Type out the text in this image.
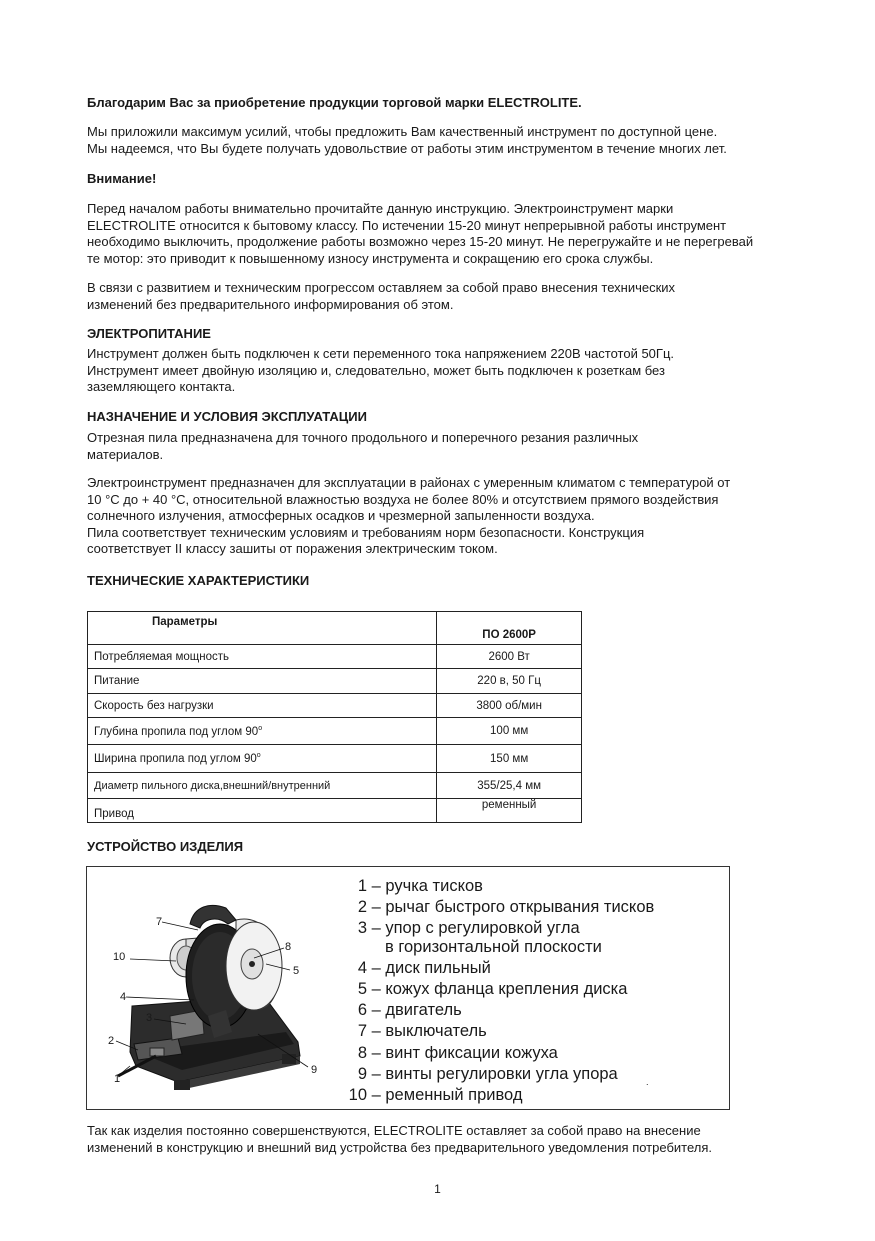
Благодарим Вас за приобретение продукции торговой марки ELECTROLITE.

Мы приложили максимум усилий, чтобы предложить Вам качественный инструмент по доступной цене.

Мы надеемся, что Вы будете получать удовольствие от работы этим инструментом в течение многих лет.

Внимание!

Перед началом работы внимательно прочитайте данную инструкцию. Электроинструмент марки

ELECTROLITE относится к бытовому классу. По истечении 15-20 минут непрерывной работы инструмент

необходимо выключить, продолжение работы возможно через 15-20 минут. Не перегружайте и не перегревай

те мотор: это приводит к повышенному износу инструмента и сокращению его срока службы.

В связи с развитием и техническим прогрессом оставляем за собой право внесения технических

изменений без предварительного информирования об этом.

ЭЛЕКТРОПИТАНИЕ

Инструмент должен быть подключен к сети переменного тока напряжением 220В частотой 50Гц.

Инструмент имеет двойную изоляцию и, следовательно, может быть подключен к розеткам без

заземляющего контакта.

НАЗНАЧЕНИЕ И УСЛОВИЯ ЭКСПЛУАТАЦИИ

Отрезная пила предназначена для точного продольного и поперечного резания различных

материалов.

Электроинструмент предназначен для эксплуатации в районах с умеренным климатом с температурой от

10 °С до + 40 °С, относительной влажностью воздуха не более 80% и отсутствием прямого воздействия

солнечного излучения, атмосферных осадков и чрезмерной запыленности воздуха.

Пила соответствует техническим условиям и требованиям норм безопасности. Конструкция

соответствует II классу зашиты от поражения электрическим током.

ТЕХНИЧЕСКИЕ ХАРАКТЕРИСТИКИ
Параметры	ПО 2600Р
Потребляемая мощность	2600 Вт
Питание	220 в, 50 Гц
Скорость без нагрузки	3800 об/мин
Глубина пропила под углом $90^о$	100 мм
Ширина пропила под углом $90^о$	150 мм
Диаметр пильного диска,внешний/внутренний	355/25,4 мм
Привод	ременный
УСТРОЙСТВО ИЗДЕЛИЯ
7
8
10
5
4
3
2
9
1
1 – ручка тисков
2 – рычаг быстрого открывания тисков
3 – упор с регулировкой угла
в горизонтальной плоскости
4 – диск пильный
5 – кожух фланца крепления диска
6 – двигатель
7 – выключатель
8 – винт фиксации кожуха
9 – винты регулировки угла упора
10 – ременный привод
.

Так как изделия постоянно совершенствуются, ELECTROLITE оставляет за собой право на внесение

изменений в конструкцию и внешний вид устройства без предварительного уведомления потребителя.

1
